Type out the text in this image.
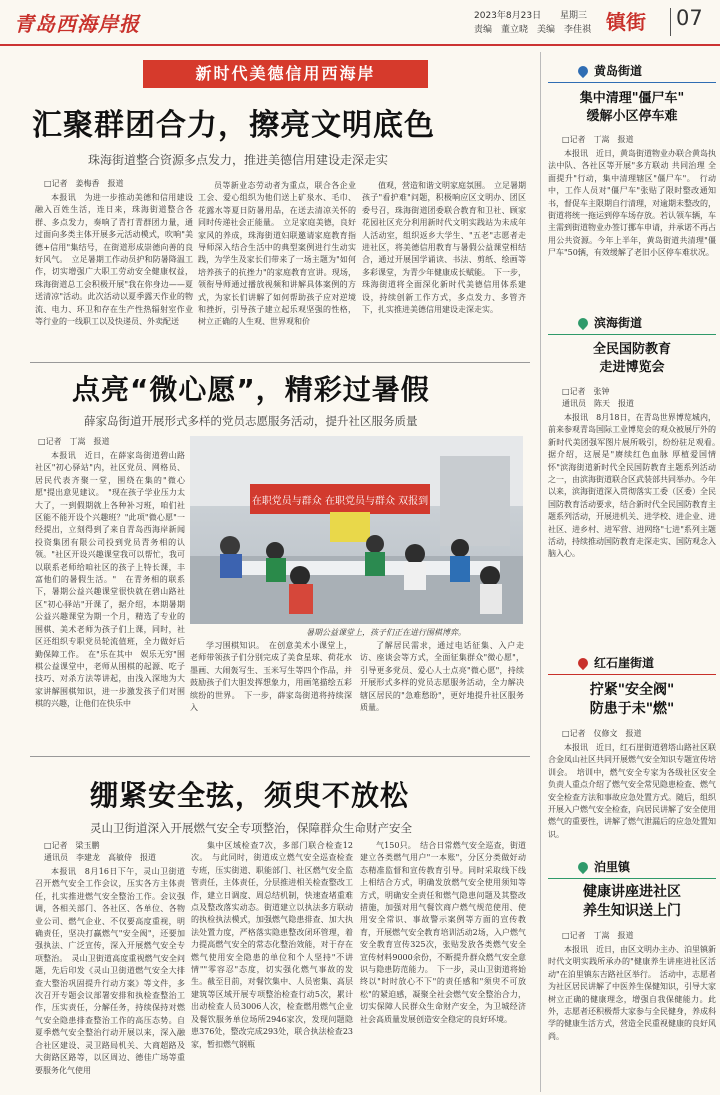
青岛西海岸报	2023年8月23日 星期三
责编　董立晓　美编　李佳祺 镇街 07
新时代美德信用西海岸
汇聚群团合力，擦亮文明底色
珠海街道整合资源多点发力，推进美德信用建设走深走实
□记者　姜梅香　报道

本报讯　为进一步推动美德和信用建设融入百姓生活，连日来，珠海街道整合各群、多点发力，奏响了青打青群团力量，通过面向多类主体开展多元活动模式，吹响"美德+信用"集结号，在街道形成崇德向善的良好风气。　立足暑期工作动员护和防暑降温工作，切实增强广大职工劳动安全健康权益，珠海街道总工会积极开展"我在你身边——夏送清凉"活动。此次活动以夏季露天作业的物流、电力、环卫和存在生产性热辐射室作业等行业的一线职工以及快递员、外卖配送

员等新业态劳动者为重点，联合各企业工会、爱心组织为他们送上矿泉水、毛巾、花露水等夏日防暑用品，在送去清凉关怀的同时传递社会正能量。　立足家庭美德，良好家风的养成，珠海街道妇联邀请家庭教育指导师深入结合生活中的典型案例进行生动实践，为学生及家长们带来了一场主题为"如何培养孩子的抗挫力"的家庭教育宣讲。现场，领衔导师通过播放视频和讲解具体案例的方式，为家长们讲解了如何帮助孩子应对逆境和挫折，引导孩子建立起乐观坚强的性格，树立正确的人生观、世界观和价

值观，营造和谐文明家庭氛围。　立足暑期孩子"看护难"问题，积极响应区文明办、团区委号召，珠海街道团委联合教育和卫社、顾家花园社区充分利用新时代文明实践站为未成年人活动室，组织返乡大学生、"五老"志愿者走进社区，将美德信用教育与暑假公益课堂相结合，通过开展国学诵读、书法、剪纸、绘画等多彩课堂，为青少年健康成长赋能。　下一步，珠海街道将全面深化新时代美德信用体系建设，持续创新工作方式，多点发力、多管齐下，扎实推进美德信用建设走深走实。

点亮“微心愿”，精彩过暑假
薛家岛街道开展形式多样的党员志愿服务活动，提升社区服务质量
□记者　丁嵩　报道

本报讯　近日，在薛家岛街道碧山路社区"初心驿站"内，社区党员、网格员、居民代表齐聚一堂，围绕在集的"微心愿"提出意见建议。　"现在孩子学业压力太大了，一到假期就上各种补习班，咱们社区能不能开设个兴趣班？"此项"微心愿"一经提出，立刻得到了来自青岛西海岸新闻投资集团有限公司投到党员青务相的认领。"社区开设兴趣课堂我可以帮忙，我可以联系老师给咱社区的孩子上特长课，丰富他们的暑假生活。"　在青务相的联系下，暑期公益兴趣课堂很快就在碧山路社区"初心驿站"开课了，据介绍，本期暑期公益兴趣课堂为期一个月，精选了专业的围棋、美术老师为孩子们上课，同时，社区还组织专职党员轮流值班，全力做好后勤保障工作。　在"乐在其中　娱乐无穷"围棋公益课堂中，老师从围棋的起源、吃子技巧、对杀方法等讲起，由浅入深地为大家讲解围棋知识，进一步激发孩子们对围棋的兴趣，让他们在快乐中

在职党员与群众 在职党员与群众 双报到
暑期公益课堂上，孩子们正在进行围棋博弈。

学习围棋知识。　在创意美术小课堂上，老师带领孩子们分别完成了美食星球、荷花水墨画、大闹轰写生、玉米写生等四个作品，并鼓励孩子们大胆发挥想象力，用画笔描绘五彩缤纷的世界。　下一步，薛家岛街道将持续深入

了解居民需求，通过电话征集、入户走访、座谈会等方式，全面征集群众"微心愿"，引导更多党员、爱心人士点亮"微心愿"，持续开展形式多样的党员志愿服务活动，全力解决辖区居民的"急难愁盼"，更好地提升社区服务质量。

绷紧安全弦，须臾不放松
灵山卫街道深入开展燃气安全专项整治，保障群众生命财产安全
□记者　梁玉鹏
通讯员　李建龙　高敏侍　报道

本报讯　8月16日下午，灵山卫街道召开燃气安全工作会议，压实各方主体责任，扎实推进燃气安全整治工作。会议强调，各相关部门、各社区、各单位、各物业公司、燃气企业、不仅要高度重视，明确责任，坚决打赢燃气"安全阀"，还要加强执法、广泛宣传，深入开展燃气安全专项整治。　灵山卫街道高度重视燃气安全问题，先后印发《灵山卫街道燃气安全大排查大整治巩固提升行动方案》等文件，多次召开专题会议部署安排和执检查整治工作，压实责任，分解任务，持续保持对燃气安全隐患排查整治工作的高压态势。自夏季燃气安全整治行动开展以来，深入融合社区建设、灵卫路局机关、大商超路及大街路区路等，以区周边、德佳广场等重要服务化气使用

集中区域检查7次，多部门联合检查12次。　与此同时，街道成立燃气安全巡查检查专班，压实街道、职能部门、社区燃气安全监管责任，主体责任，分层推进相关检查整改工作，建立日调度、周总结机制，快速查堵重难点及整改落实动态。街道建立以执法多方联动的执检执法模式，加强燃气隐患排查、加大执法处置力度，严格落实隐患整改闭环管理，着力提高燃气安全的常态化整治效能，对于存在燃气使用安全隐患的单位和个人坚持"不讲情""零容忍"态度，切实强化燃气事故的发生。截至目前，对餐饮集中、人员密集、高层建筑等区域开展专项整治检查行动5次，累计出动检查人员3006人次，检查燃用燃气企业及餐饮服务单位场所2946家次，发现问题隐患376处，整改完成293处，联合执法检查23家，暂扣燃气钢瓶

气150只。　结合日常燃气安全巡查，街道建立各类燃气用户"一本账"，分区分类做好动态精准监督和宣传教育引导。同时采取线下线上相结合方式，明确发放燃气安全使用须知等方式，明确安全责任和燃气隐患问题及其整改措施，加强对用气餐饮商户燃气规范使用、使用安全常识、事故警示案例等方面的宣传教育，开展燃气安全教育培训活动2场，入户燃气安全教育宣传325次，张贴发放各类燃气安全宣传材料9000余份，不断提升群众燃气安全意识与隐患防范能力。　下一步，灵山卫街道将始终以"时时放心不下"的责任感和"须臾不可放松"的紧迫感，凝聚全社会燃气安全整治合力，切实保障人民群众生命财产安全，为卫城经济社会高质量发展创造安全稳定的良好环境。

黄岛街道
集中清理"僵尸车"
缓解小区停车难
□记者　丁嵩　报道

本报讯　近日，黄岛街道物业办联合黄岛执法中队、各社区等开展"多方联动 共同治理 全面提升"行动，集中清理辖区"僵尸车"。　行动中，工作人员对"僵尸车"张贴了限时整改通知书，督促车主限期自行清理，对逾期未整改的，街道将统一拖运到停车场存放。若认领车辆，车主需到街道物业办签订挪车申请，并承诺不再占用公共资源。今年上半年，黄岛街道共清理"僵尸车"50辆，有效缓解了老旧小区停车难状况。

滨海街道
全民国防教育
走进博览会
□记者　张钟
通讯员　陈天　报道

本报讯　8月18日，在青岛世界博览城内，前来参观青岛国际工业博览会的观众被展厅外的新时代美团强军图片展所吸引，纷纷驻足观看。　据介绍，这展是"赓续红色血脉 厚植爱国情怀"滨海街道新时代全民国防教育主题系列活动之一，由滨海街道联合区武装部共同举办。今年以来，滨海街道深入贯彻落实工委（区委）全民国防教育活动要求，结合新时代全民国防教育主题系列活动，开展进机关、进学校、进企业、进社区、进乡村、进军营、进网络"七进"系列主题活动，持续推动国防教育走深走实、国防观念入脑入心。

红石崖街道
拧紧"安全阀"
防患于未"燃"
□记者　仪修文　报道

本报讯　近日，红石崖街道碧塔山路社区联合金凤山社区共同开展燃气安全知识专题宣传培训会。　培训中，燃气安全专家为各级社区安全负责人重点介绍了燃气安全常见隐患检查、燃气安全检查方法和事故应急处置方式。随后，组织开展入户燃气安全检查，向居民讲解了安全使用燃气的重要性，讲解了燃气泄漏后的应急处置知识。

泊里镇
健康讲座进社区
养生知识送上门
□记者　丁嵩　报道

本报讯　近日，由区文明办主办、泊里镇新时代文明实践所承办的"健康养生讲座进社区活动"在泊里镇东吉路社区举行。　活动中，志愿者为社区居民讲解了中医养生保健知识，引导大家树立正确的健康理念，增强自我保健能力。此外，志愿者还积极帮大家参与全民健身，养成科学的健康生活方式，营造全民重视健康的良好风尚。
